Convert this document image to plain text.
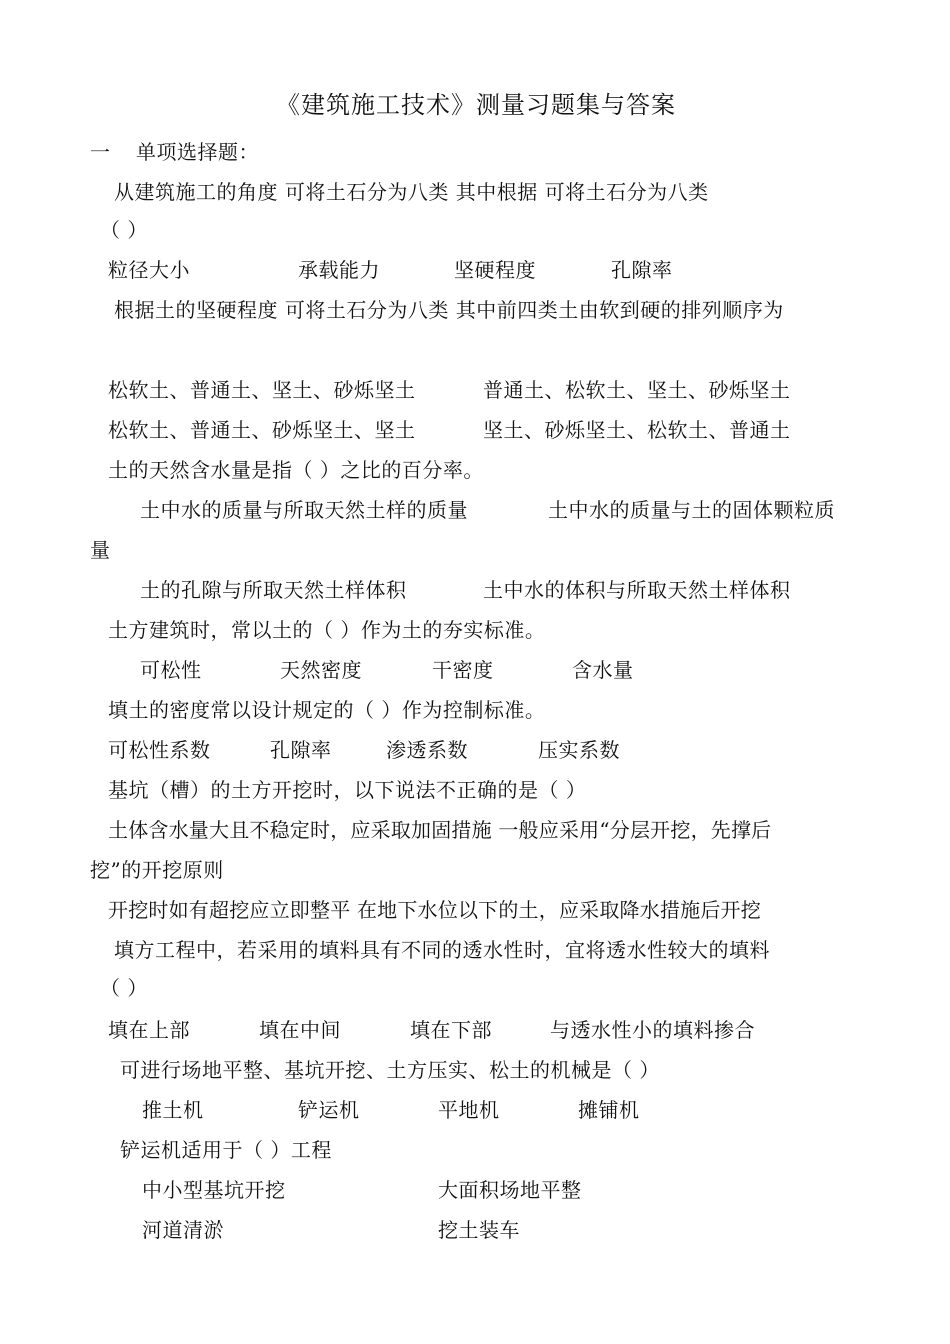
《建筑施工技术》测量习题集与答案
一 单项选择题：
从建筑施工的角度 可将土石分为八类 其中根据 可将土石分为八类
（ ）
粒径大小	承载能力	坚硬程度	孔隙率
根据土的坚硬程度 可将土石分为八类 其中前四类土由软到硬的排列顺序为
松软土、普通土、坚土、砂烁坚土	普通土、松软土、坚土、砂烁坚土
松软土、普通土、砂烁坚土、坚土	坚土、砂烁坚土、松软土、普通土
土的天然含水量是指（ ）之比的百分率。
土中水的质量与所取天然土样的质量	土中水的质量与土的固体颗粒质
量
土的孔隙与所取天然土样体积	土中水的体积与所取天然土样体积
土方建筑时，常以土的（ ）作为土的夯实标准。
可松性	天然密度	干密度	含水量
填土的密度常以设计规定的（ ）作为控制标准。
可松性系数	孔隙率	渗透系数	压实系数
基坑（槽）的土方开挖时，以下说法不正确的是（ ）
土体含水量大且不稳定时，应采取加固措施 一般应采用“分层开挖，先撑后
挖”的开挖原则
开挖时如有超挖应立即整平 在地下水位以下的土，应采取降水措施后开挖
填方工程中，若采用的填料具有不同的透水性时，宜将透水性较大的填料
（ ）
填在上部	填在中间	填在下部	与透水性小的填料掺合
可进行场地平整、基坑开挖、土方压实、松土的机械是（ ）
推土机	铲运机	平地机	摊铺机
铲运机适用于（ ）工程
中小型基坑开挖	大面积场地平整
河道清淤	挖土装车
